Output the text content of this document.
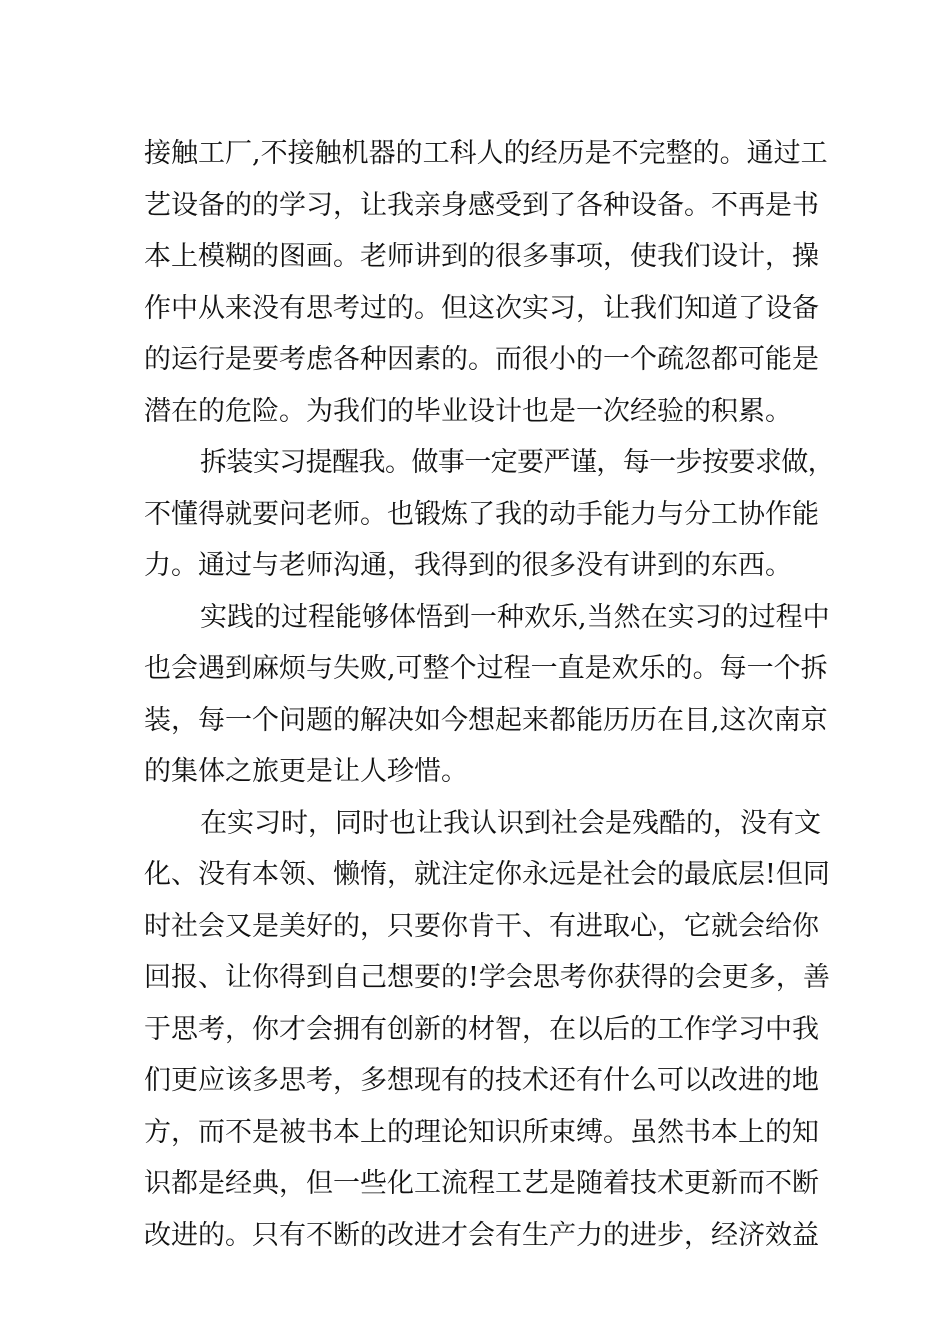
接触工厂,不接触机器的工科人的经历是不完整的。通过工
艺设备的的学习，让我亲身感受到了各种设备。不再是书
本上模糊的图画。老师讲到的很多事项，使我们设计，操
作中从来没有思考过的。但这次实习，让我们知道了设备
的运行是要考虑各种因素的。而很小的一个疏忽都可能是
潜在的危险。为我们的毕业设计也是一次经验的积累。
拆装实习提醒我。做事一定要严谨，每一步按要求做，
不懂得就要问老师。也锻炼了我的动手能力与分工协作能
力。通过与老师沟通，我得到的很多没有讲到的东西。
实践的过程能够体悟到一种欢乐,当然在实习的过程中
也会遇到麻烦与失败,可整个过程一直是欢乐的。每一个拆
装，每一个问题的解决如今想起来都能历历在目,这次南京
的集体之旅更是让人珍惜。
在实习时，同时也让我认识到社会是残酷的，没有文
化、没有本领、懒惰，就注定你永远是社会的最底层!但同
时社会又是美好的，只要你肯干、有进取心，它就会给你
回报、让你得到自己想要的!学会思考你获得的会更多，善
于思考，你才会拥有创新的材智，在以后的工作学习中我
们更应该多思考，多想现有的技术还有什么可以改进的地
方，而不是被书本上的理论知识所束缚。虽然书本上的知
识都是经典，但一些化工流程工艺是随着技术更新而不断
改进的。只有不断的改进才会有生产力的进步，经济效益
